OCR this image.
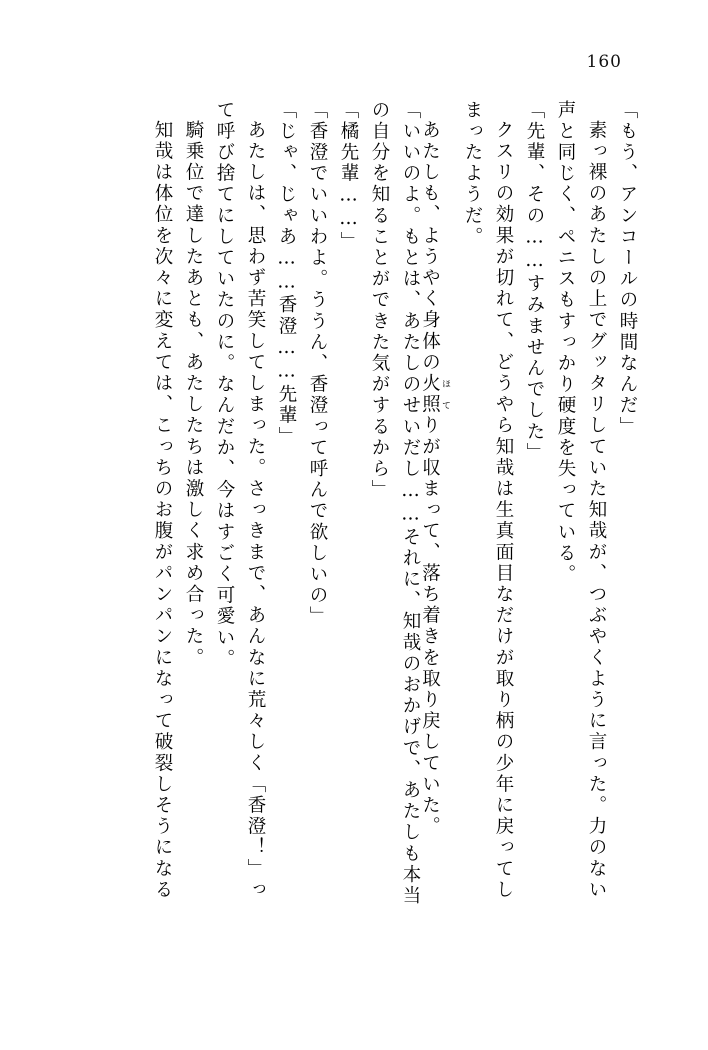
160
「もう、アンコールの時間なんだ」
素っ裸のあたしの上でグッタリしていた知哉が、つぶやくように言った。力のない
声と同じく、ペニスもすっかり硬度を失っている。
「先輩、その……すみませんでした」
クスリの効果が切れて、どうやら知哉は生真面目なだけが取り柄の少年に戻ってし
まったようだ。
あたしも、ようやく身体の火照 ほてりが収まって、落ち着きを取り戻していた。
「いいのよ。もとは、あたしのせいだし……それに、知哉のおかげで、あたしも本当
の自分を知ることができた気がするから」
「橘先輩……」
「香澄でいいわよ。ううん、香澄って呼んで欲しいの」
「じゃ、じゃあ……香澄……先輩」
あたしは、思わず苦笑してしまった。さっきまで、あんなに荒々しく「香澄！」っ
て呼び捨てにしていたのに。なんだか、今はすごく可愛い。
騎乗位で達したあとも、あたしたちは激しく求め合った。
知哉は体位を次々に変えては、こっちのお腹がパンパンになって破裂しそうになる
